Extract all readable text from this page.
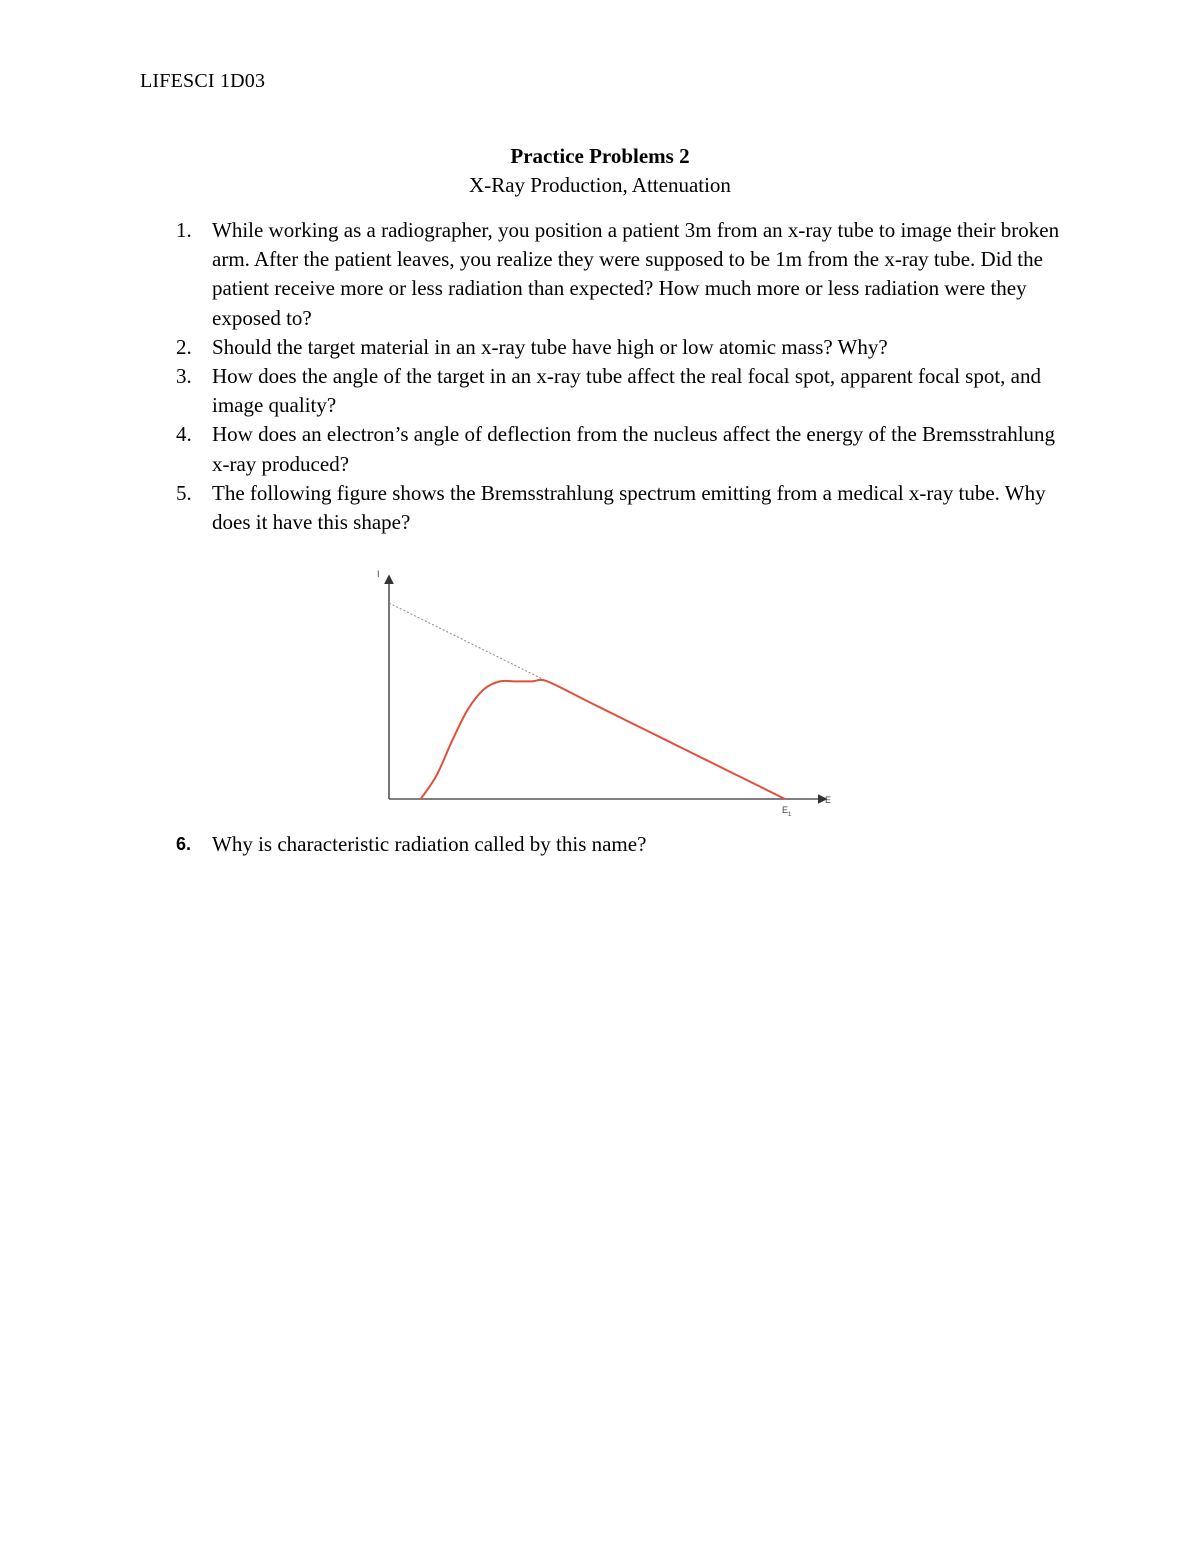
LIFESCI 1D03
Practice Problems 2
X-Ray Production, Attenuation
1. While working as a radiographer, you position a patient 3m from an x-ray tube to image their broken arm. After the patient leaves, you realize they were supposed to be 1m from the x-ray tube. Did the patient receive more or less radiation than expected? How much more or less radiation were they exposed to?
2. Should the target material in an x-ray tube have high or low atomic mass? Why?
3. How does the angle of the target in an x-ray tube affect the real focal spot, apparent focal spot, and image quality?
4. How does an electron’s angle of deflection from the nucleus affect the energy of the Bremsstrahlung x-ray produced?
5. The following figure shows the Bremsstrahlung spectrum emitting from a medical x-ray tube. Why does it have this shape?
I
E
$E_1$
6. Why is characteristic radiation called by this name?
